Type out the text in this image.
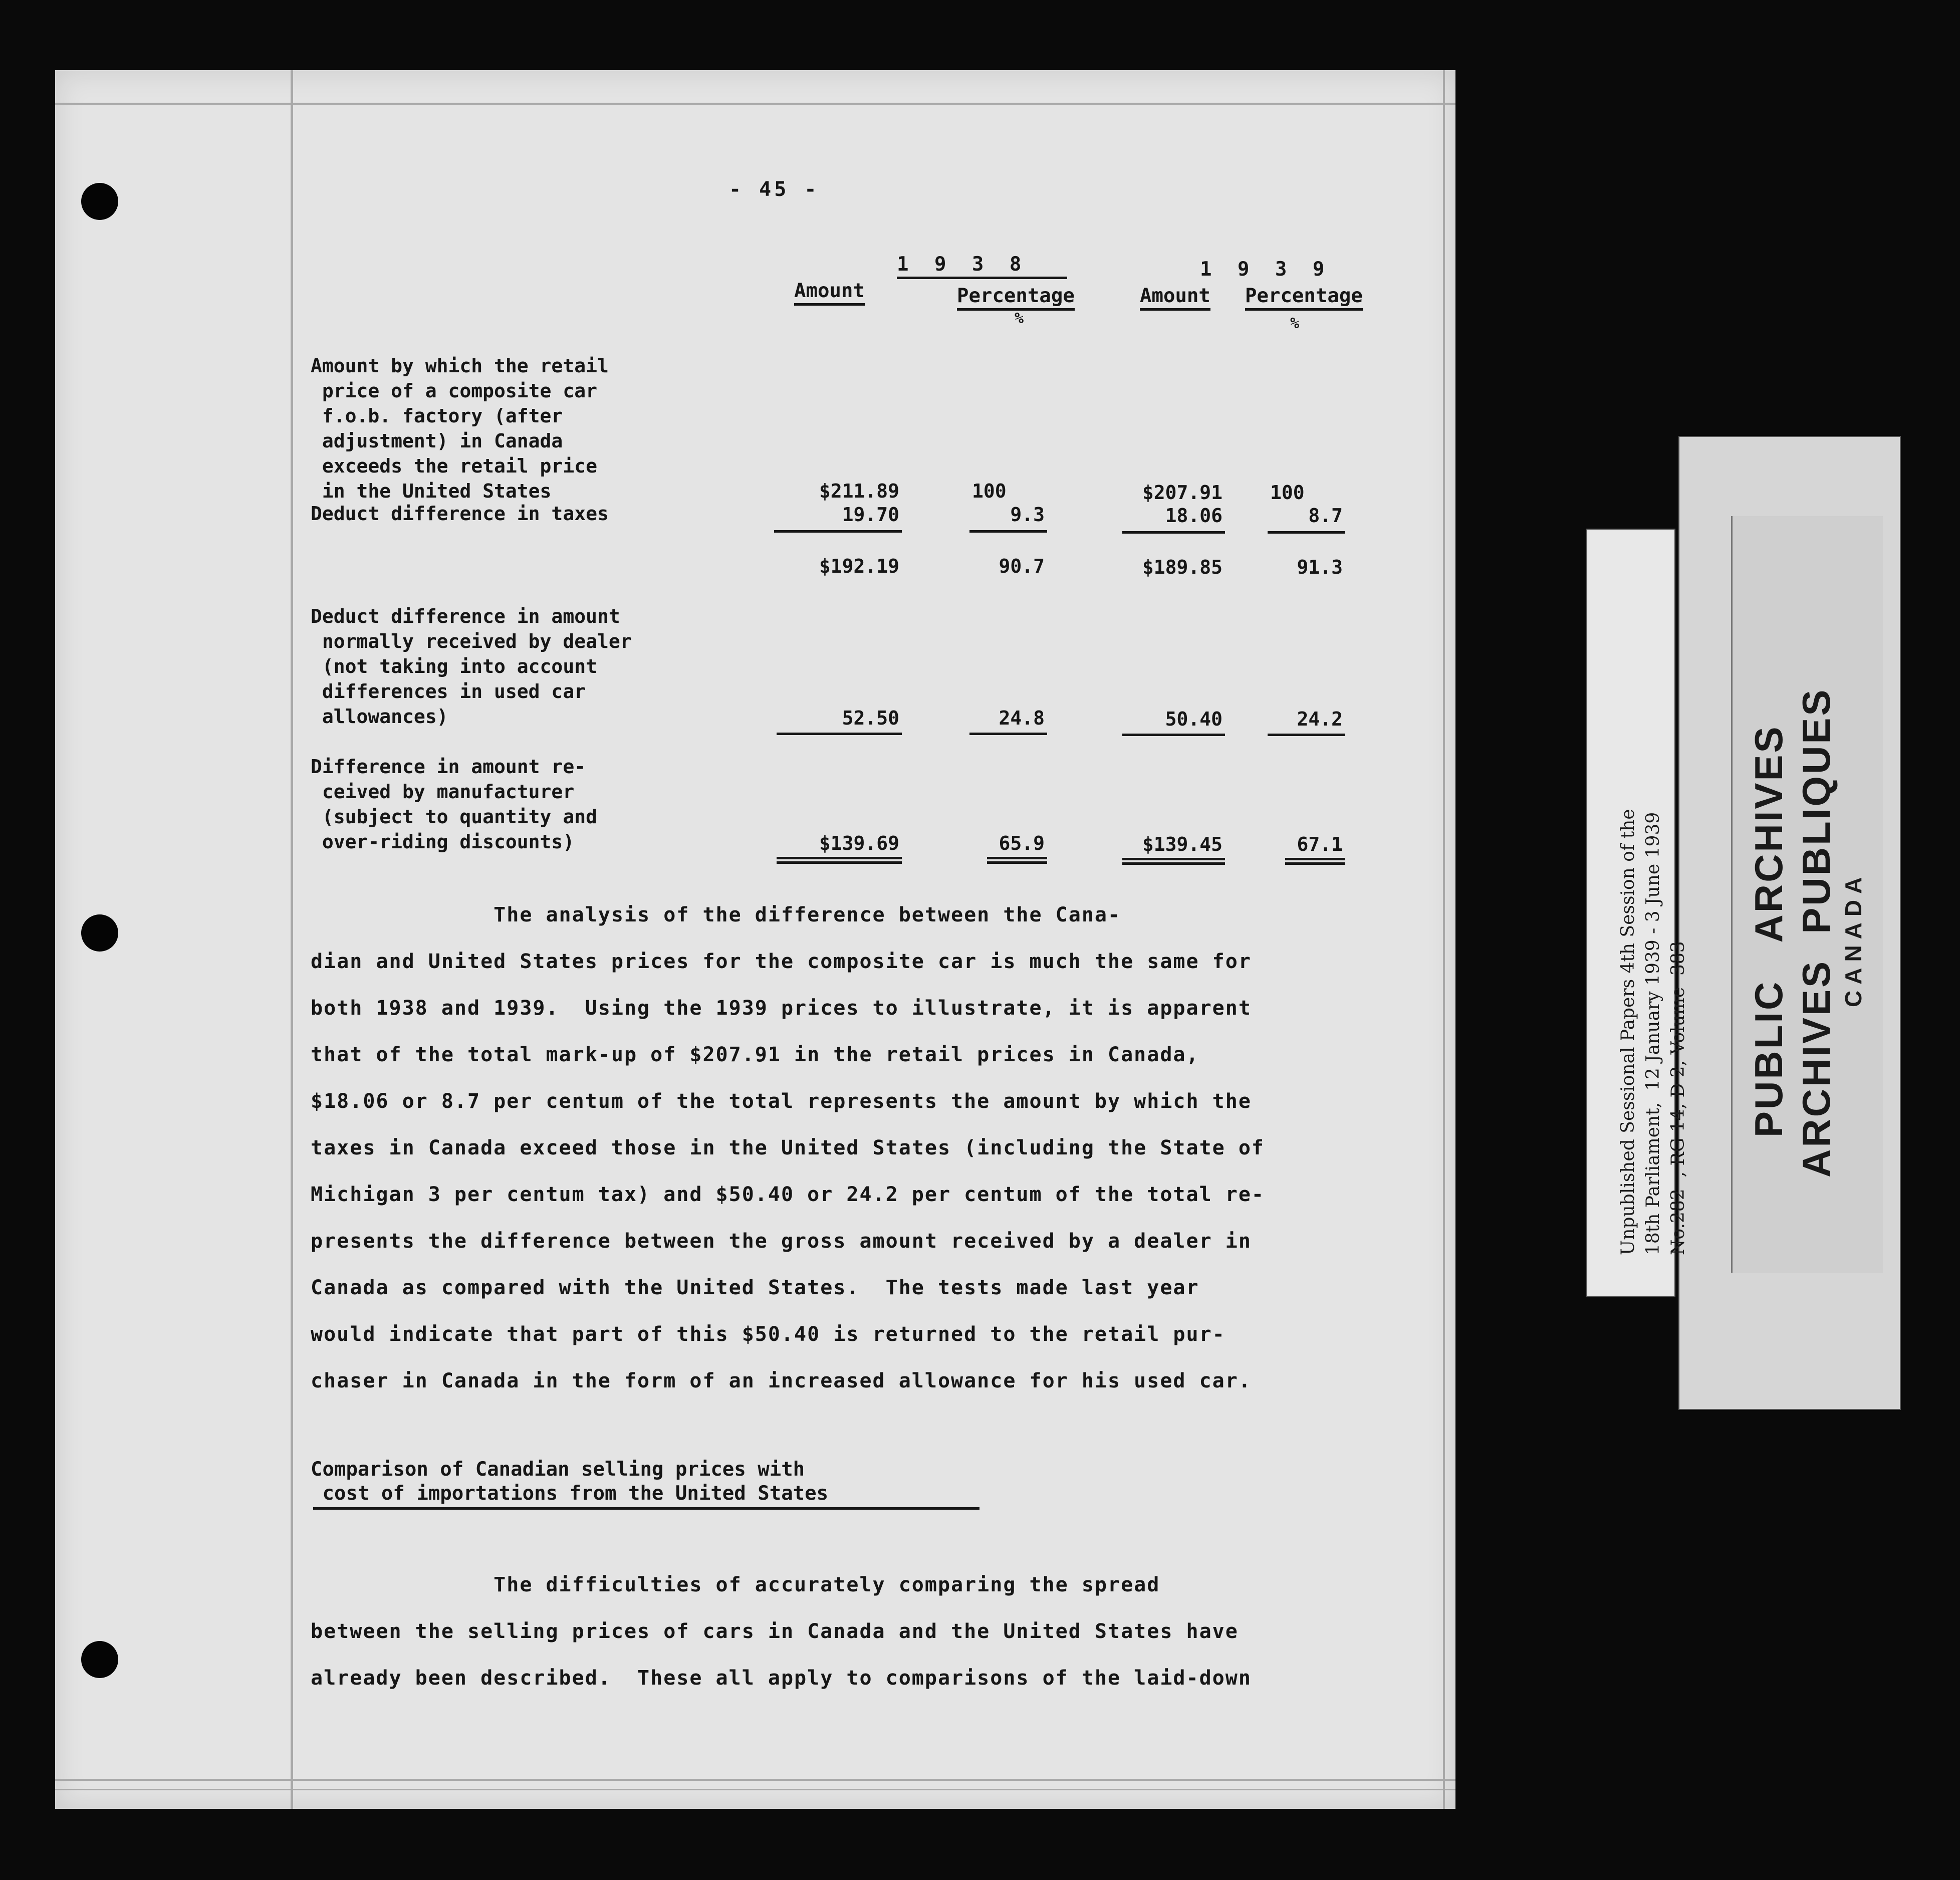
- 45 -
1 9 3 8	1 9 3 9
Amount	Percentage	Amount Percentage
%	%
Amount by which the retail
price of a composite car
f.o.b. factory (after
adjustment) in Canada
exceeds the retail price
in the United States	$211.89	100	$207.91	100
Deduct difference in taxes	19.70	9.3	18.06	8.7
$192.19	90.7	$189.85	91.3
Deduct difference in amount
normally received by dealer
(not taking into account
differences in used car
allowances)	52.50	24.8	50.40	24.2
Difference in amount re-
ceived by manufacturer
(subject to quantity and
over-riding discounts)	$139.69	65.9	$139.45	67.1
The analysis of the difference between the Cana-
dian and United States prices for the composite car is much the same for
both 1938 and 1939.  Using the 1939 prices to illustrate, it is apparent
that of the total mark-up of $207.91 in the retail prices in Canada,
$18.06 or 8.7 per centum of the total represents the amount by which the
taxes in Canada exceed those in the United States (including the State of
Michigan 3 per centum tax) and $50.40 or 24.2 per centum of the total re-
presents the difference between the gross amount received by a dealer in
Canada as compared with the United States.  The tests made last year
would indicate that part of this $50.40 is returned to the retail pur-
chaser in Canada in the form of an increased allowance for his used car.
Comparison of Canadian selling prices with
cost of importations from the United States
The difficulties of accurately comparing the spread
between the selling prices of cars in Canada and the United States have
already been described.  These all apply to comparisons of the laid-down
Unpublished Sessional Papers 4th Session of the 18th Parliament,  12 January 1939 - 3 June 1939 No.282  , RG 14, D 2, Volume  383 PUBLIC   ARCHIVES ARCHIVES  PUBLIQUES CANADA
